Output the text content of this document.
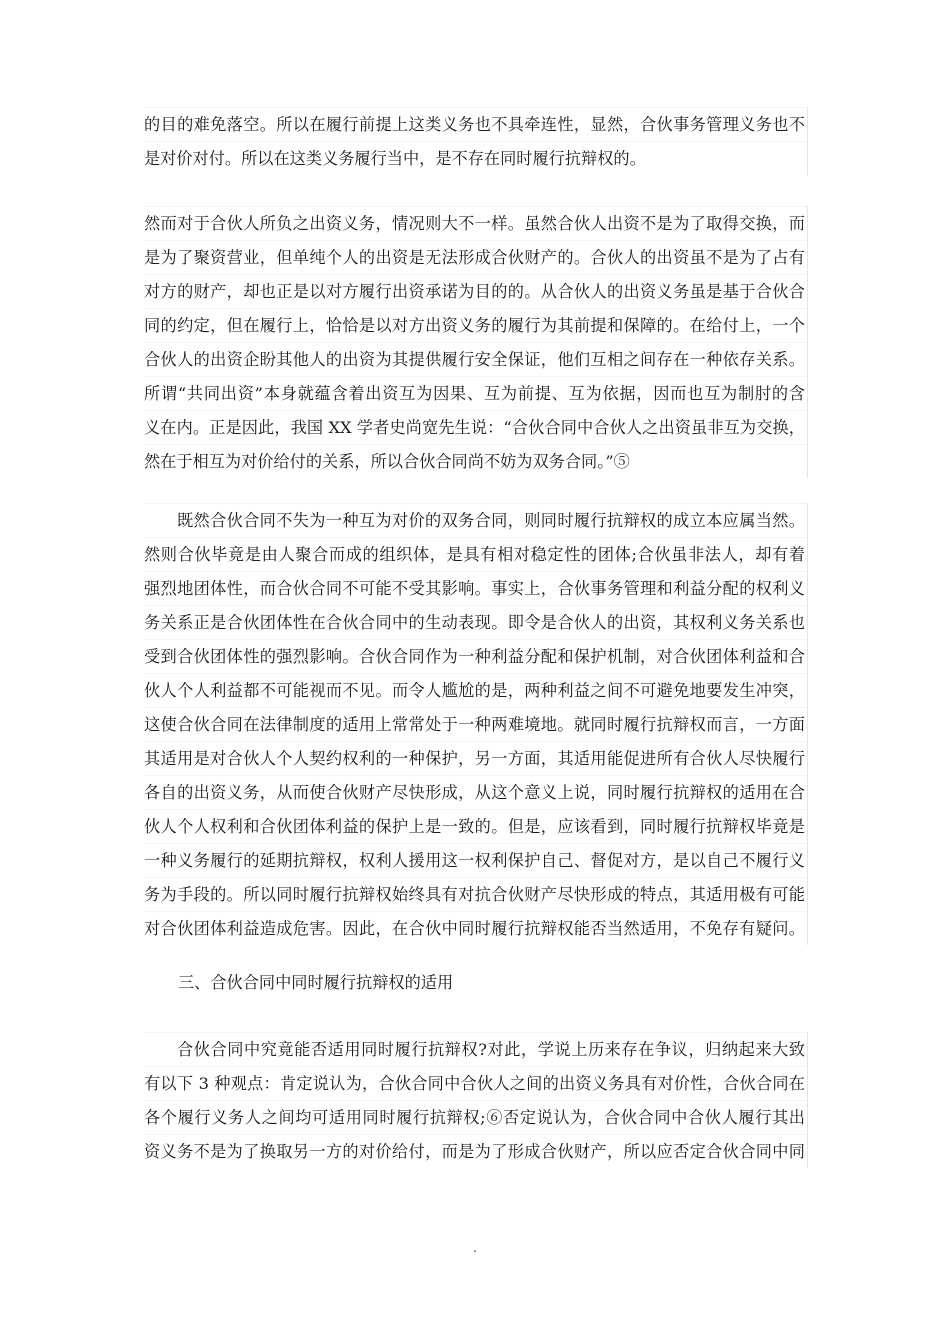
的目的难免落空。所以在履行前提上这类义务也不具牵连性，显然，合伙事务管理义务也不
是对价对付。所以在这类义务履行当中，是不存在同时履行抗辩权的。
然而对于合伙人所负之出资义务，情况则大不一样。虽然合伙人出资不是为了取得交换，而
是为了聚资营业，但单纯个人的出资是无法形成合伙财产的。合伙人的出资虽不是为了占有
对方的财产，却也正是以对方履行出资承诺为目的的。从合伙人的出资义务虽是基于合伙合
同的约定，但在履行上，恰恰是以对方出资义务的履行为其前提和保障的。在给付上，一个
合伙人的出资企盼其他人的出资为其提供履行安全保证，他们互相之间存在一种依存关系。
所谓“共同出资”本身就蕴含着出资互为因果、互为前提、互为依据，因而也互为制肘的含
义在内。正是因此，我国 XX 学者史尚宽先生说：“合伙合同中合伙人之出资虽非互为交换，
然在于相互为对价给付的关系，所以合伙合同尚不妨为双务合同。”⑤
既然合伙合同不失为一种互为对价的双务合同，则同时履行抗辩权的成立本应属当然。
然则合伙毕竟是由人聚合而成的组织体，是具有相对稳定性的团体;合伙虽非法人，却有着
强烈地团体性，而合伙合同不可能不受其影响。事实上，合伙事务管理和利益分配的权利义
务关系正是合伙团体性在合伙合同中的生动表现。即令是合伙人的出资，其权利义务关系也
受到合伙团体性的强烈影响。合伙合同作为一种利益分配和保护机制，对合伙团体利益和合
伙人个人利益都不可能视而不见。而令人尴尬的是，两种利益之间不可避免地要发生冲突，
这使合伙合同在法律制度的适用上常常处于一种两难境地。就同时履行抗辩权而言，一方面
其适用是对合伙人个人契约权利的一种保护，另一方面，其适用能促进所有合伙人尽快履行
各自的出资义务，从而使合伙财产尽快形成，从这个意义上说，同时履行抗辩权的适用在合
伙人个人权利和合伙团体利益的保护上是一致的。但是，应该看到，同时履行抗辩权毕竟是
一种义务履行的延期抗辩权，权利人援用这一权利保护自己、督促对方，是以自己不履行义
务为手段的。所以同时履行抗辩权始终具有对抗合伙财产尽快形成的特点，其适用极有可能
对合伙团体利益造成危害。因此，在合伙中同时履行抗辩权能否当然适用，不免存有疑问。
三、合伙合同中同时履行抗辩权的适用
合伙合同中究竟能否适用同时履行抗辩权?对此，学说上历来存在争议，归纳起来大致
有以下 3 种观点：肯定说认为，合伙合同中合伙人之间的出资义务具有对价性，合伙合同在
各个履行义务人之间均可适用同时履行抗辩权;⑥否定说认为，合伙合同中合伙人履行其出
资义务不是为了换取另一方的对价给付，而是为了形成合伙财产，所以应否定合伙合同中同
.
